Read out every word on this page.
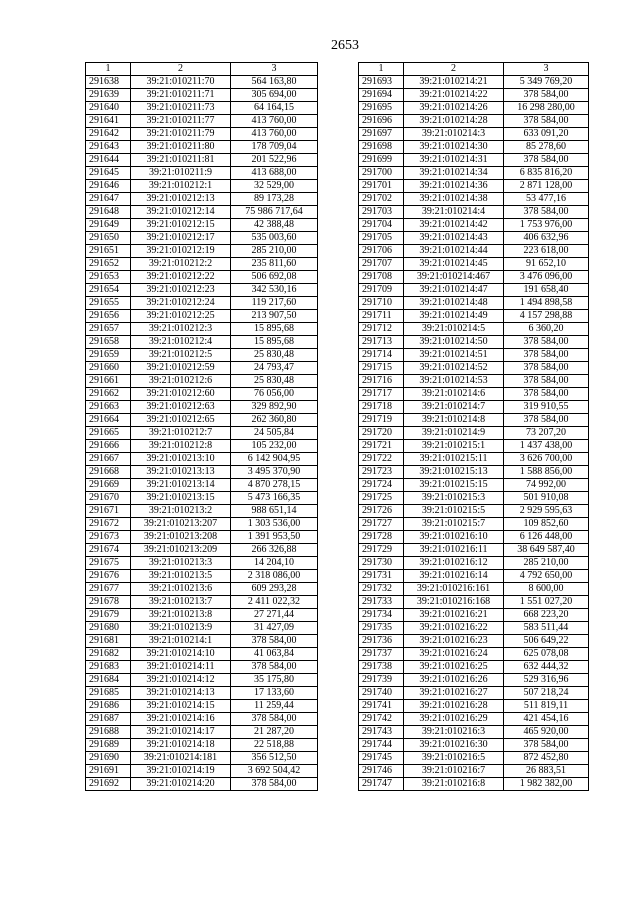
2653
1	2	3
291638	39:21:010211:70	564 163,80
291639	39:21:010211:71	305 694,00
291640	39:21:010211:73	64 164,15
291641	39:21:010211:77	413 760,00
291642	39:21:010211:79	413 760,00
291643	39:21:010211:80	178 709,04
291644	39:21:010211:81	201 522,96
291645	39:21:010211:9	413 688,00
291646	39:21:010212:1	32 529,00
291647	39:21:010212:13	89 173,28
291648	39:21:010212:14	75 986 717,64
291649	39:21:010212:15	42 388,48
291650	39:21:010212:17	535 003,60
291651	39:21:010212:19	285 210,00
291652	39:21:010212:2	235 811,60
291653	39:21:010212:22	506 692,08
291654	39:21:010212:23	342 530,16
291655	39:21:010212:24	119 217,60
291656	39:21:010212:25	213 907,50
291657	39:21:010212:3	15 895,68
291658	39:21:010212:4	15 895,68
291659	39:21:010212:5	25 830,48
291660	39:21:010212:59	24 793,47
291661	39:21:010212:6	25 830,48
291662	39:21:010212:60	76 056,00
291663	39:21:010212:63	329 892,90
291664	39:21:010212:65	262 360,80
291665	39:21:010212:7	24 505,84
291666	39:21:010212:8	105 232,00
291667	39:21:010213:10	6 142 904,95
291668	39:21:010213:13	3 495 370,90
291669	39:21:010213:14	4 870 278,15
291670	39:21:010213:15	5 473 166,35
291671	39:21:010213:2	988 651,14
291672	39:21:010213:207	1 303 536,00
291673	39:21:010213:208	1 391 953,50
291674	39:21:010213:209	266 326,88
291675	39:21:010213:3	14 204,10
291676	39:21:010213:5	2 318 086,00
291677	39:21:010213:6	609 293,28
291678	39:21:010213:7	2 411 022,32
291679	39:21:010213:8	27 271,44
291680	39:21:010213:9	31 427,09
291681	39:21:010214:1	378 584,00
291682	39:21:010214:10	41 063,84
291683	39:21:010214:11	378 584,00
291684	39:21:010214:12	35 175,80
291685	39:21:010214:13	17 133,60
291686	39:21:010214:15	11 259,44
291687	39:21:010214:16	378 584,00
291688	39:21:010214:17	21 287,20
291689	39:21:010214:18	22 518,88
291690	39:21:010214:181	356 512,50
291691	39:21:010214:19	3 692 504,42
291692	39:21:010214:20	378 584,00
1	2	3
291693	39:21:010214:21	5 349 769,20
291694	39:21:010214:22	378 584,00
291695	39:21:010214:26	16 298 280,00
291696	39:21:010214:28	378 584,00
291697	39:21:010214:3	633 091,20
291698	39:21:010214:30	85 278,60
291699	39:21:010214:31	378 584,00
291700	39:21:010214:34	6 835 816,20
291701	39:21:010214:36	2 871 128,00
291702	39:21:010214:38	53 477,16
291703	39:21:010214:4	378 584,00
291704	39:21:010214:42	1 753 976,00
291705	39:21:010214:43	406 632,96
291706	39:21:010214:44	223 618,00
291707	39:21:010214:45	91 652,10
291708	39:21:010214:467	3 476 096,00
291709	39:21:010214:47	191 658,40
291710	39:21:010214:48	1 494 898,58
291711	39:21:010214:49	4 157 298,88
291712	39:21:010214:5	6 360,20
291713	39:21:010214:50	378 584,00
291714	39:21:010214:51	378 584,00
291715	39:21:010214:52	378 584,00
291716	39:21:010214:53	378 584,00
291717	39:21:010214:6	378 584,00
291718	39:21:010214:7	319 910,55
291719	39:21:010214:8	378 584,00
291720	39:21:010214:9	73 207,20
291721	39:21:010215:1	1 437 438,00
291722	39:21:010215:11	3 626 700,00
291723	39:21:010215:13	1 588 856,00
291724	39:21:010215:15	74 992,00
291725	39:21:010215:3	501 910,08
291726	39:21:010215:5	2 929 595,63
291727	39:21:010215:7	109 852,60
291728	39:21:010216:10	6 126 448,00
291729	39:21:010216:11	38 649 587,40
291730	39:21:010216:12	285 210,00
291731	39:21:010216:14	4 792 650,00
291732	39:21:010216:161	8 600,00
291733	39:21:010216:168	1 551 027,20
291734	39:21:010216:21	668 223,20
291735	39:21:010216:22	583 511,44
291736	39:21:010216:23	506 649,22
291737	39:21:010216:24	625 078,08
291738	39:21:010216:25	632 444,32
291739	39:21:010216:26	529 316,96
291740	39:21:010216:27	507 218,24
291741	39:21:010216:28	511 819,11
291742	39:21:010216:29	421 454,16
291743	39:21:010216:3	465 920,00
291744	39:21:010216:30	378 584,00
291745	39:21:010216:5	872 452,80
291746	39:21:010216:7	26 883,51
291747	39:21:010216:8	1 982 382,00
